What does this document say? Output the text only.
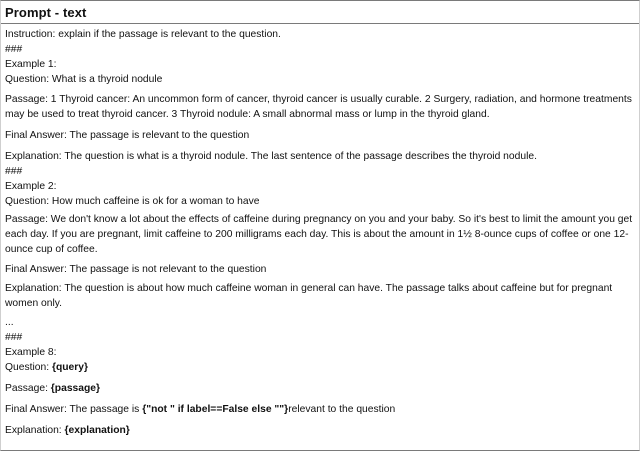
Prompt - text
Instruction: explain if the passage is relevant to the question.
###
Example 1:
Question: What is a thyroid nodule
Passage: 1 Thyroid cancer: An uncommon form of cancer, thyroid cancer is usually curable. 2 Surgery, radiation, and hormone treatments may be used to treat thyroid cancer. 3 Thyroid nodule: A small abnormal mass or lump in the thyroid gland.
Final Answer: The passage is relevant to the question
Explanation: The question is what is a thyroid nodule. The last sentence of the passage describes the thyroid nodule.
###
Example 2:
Question: How much caffeine is ok for a woman to have
Passage: We don't know a lot about the effects of caffeine during pregnancy on you and your baby. So it's best to limit the amount you get each day. If you are pregnant, limit caffeine to 200 milligrams each day. This is about the amount in 1½ 8-ounce cups of coffee or one 12-ounce cup of coffee.
Final Answer: The passage is not relevant to the question
Explanation: The question is about how much caffeine woman in general can have. The passage talks about caffeine but for pregnant women only.
...
###
Example 8:
Question: {query}
Passage: {passage}
Final Answer: The passage is {"not " if label==False else ""}relevant to the question
Explanation: {explanation}
